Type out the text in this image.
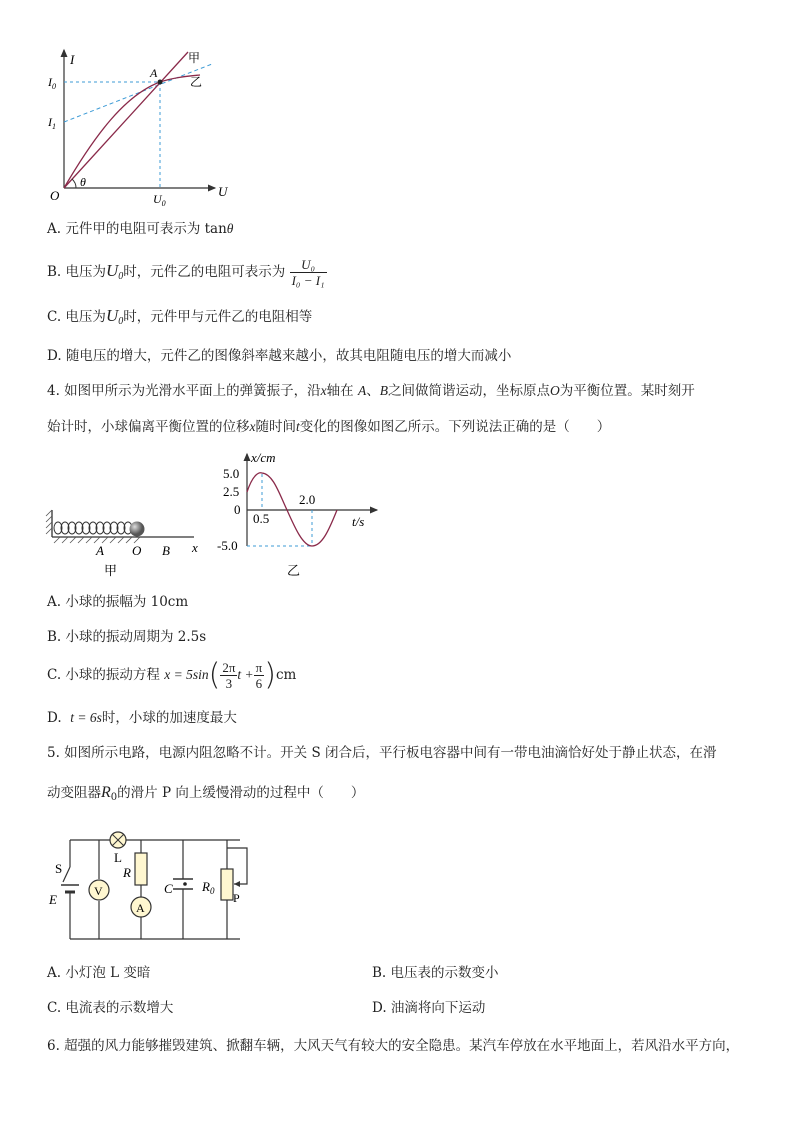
I
U
O
A
θ
甲
乙
$I_0$
$I_1$
$U_0$
A. 元件甲的电阻可表示为 tanθ
B. 电压为$U_0$时，元件乙的电阻可表示为 $\frac{\text{U₀}}{\text{I₀ − I₁}}$
C. 电压为$U_0$时，元件甲与元件乙的电阻相等
D. 随电压的增大，元件乙的图像斜率越来越小，故其电阻随电压的增大而减小
4. 如图甲所示为光滑水平面上的弹簧振子，沿x轴在 A、B之间做简谐运动，坐标原点O为平衡位置。某时刻开
始计时，小球偏离平衡位置的位移x随时间t变化的图像如图乙所示。下列说法正确的是（　　）
A O B x
甲
x/cm
t/s
5.0
2.5
0
-5.0
0.5
2.0
乙
A. 小球的振幅为 10cm
B. 小球的振动周期为 2.5s
C. 小球的振动方程 $x = 5\sin( \frac{2\pi}{3}$ $t + \frac{\pi}{6} )cm$
D.  t = 6s时，小球的加速度最大
5. 如图所示电路，电源内阻忽略不计。开关 S 闭合后，平行板电容器中间有一带电油滴恰好处于静止状态，在滑
动变阻器$R_0$的滑片 P 向上缓慢滑动的过程中（　　）
S
E
V
L
R
A
C $R_0$ P
A. 小灯泡 L 变暗	B. 电压表的示数变小
C. 电流表的示数增大	D. 油滴将向下运动
6. 超强的风力能够摧毁建筑、掀翻车辆，大风天气有较大的安全隐患。某汽车停放在水平地面上，若风沿水平方向，
